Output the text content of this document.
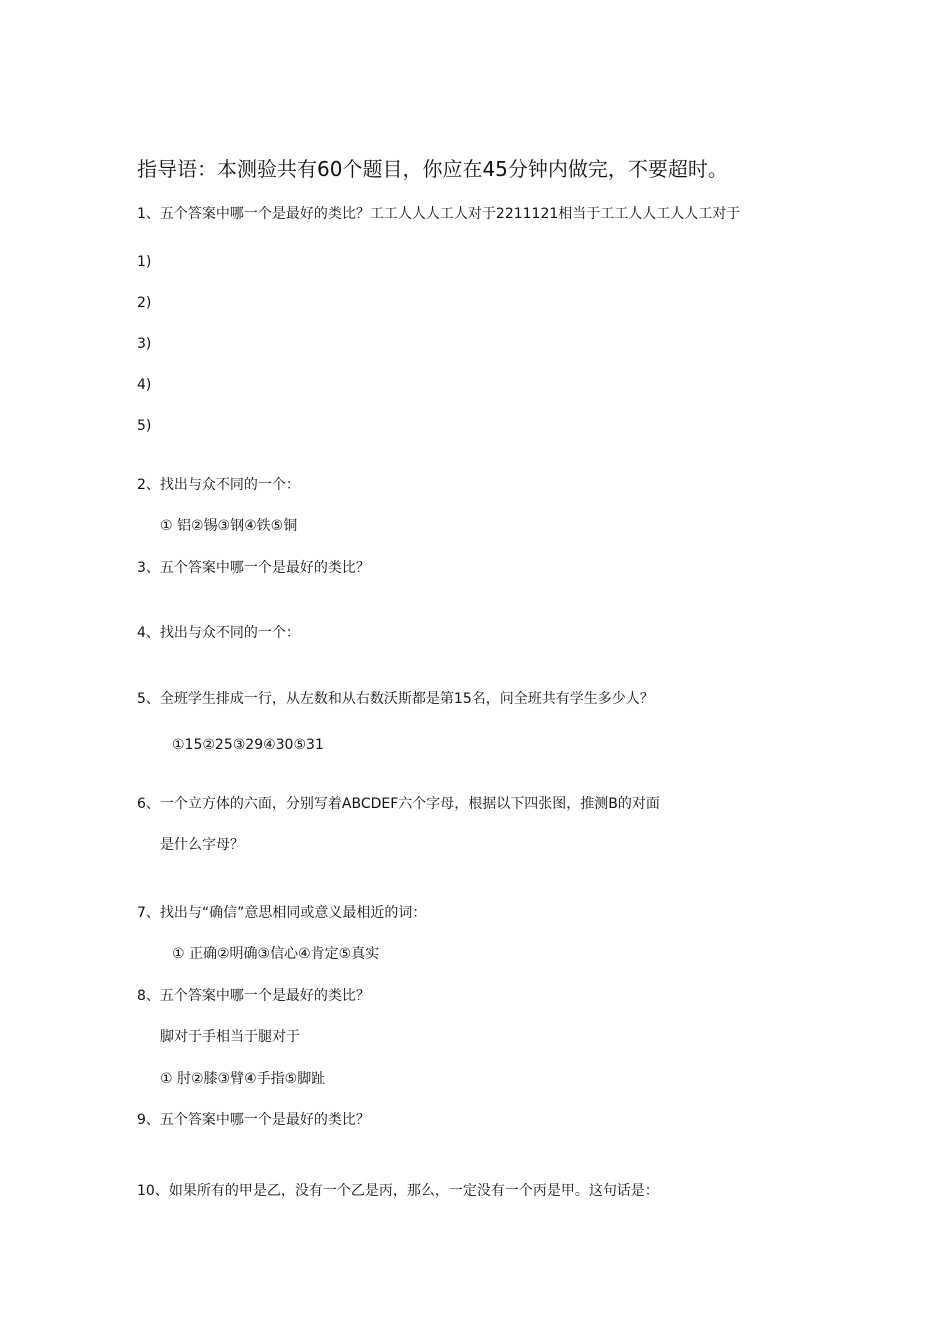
指导语：本测验共有60个题目，你应在45分钟内做完，不要超时。
1、五个答案中哪一个是最好的类比？工工人人人工人对于2211121相当于工工人人工人人工对于
1)
2)
3)
4)
5)
2、找出与众不同的一个：
① 铝②锡③钢④铁⑤铜
3、五个答案中哪一个是最好的类比？
4、找出与众不同的一个：
5、全班学生排成一行，从左数和从右数沃斯都是第15名，问全班共有学生多少人？
①15②25③29④30⑤31
6、一个立方体的六面，分别写着ABCDEF六个字母，根据以下四张图，推测B的对面
是什么字母？
7、找出与“确信”意思相同或意义最相近的词：
① 正确②明确③信心④肯定⑤真实
8、五个答案中哪一个是最好的类比？
脚对于手相当于腿对于
① 肘②膝③臂④手指⑤脚趾
9、五个答案中哪一个是最好的类比？
10、如果所有的甲是乙，没有一个乙是丙，那么，一定没有一个丙是甲。这句话是：
